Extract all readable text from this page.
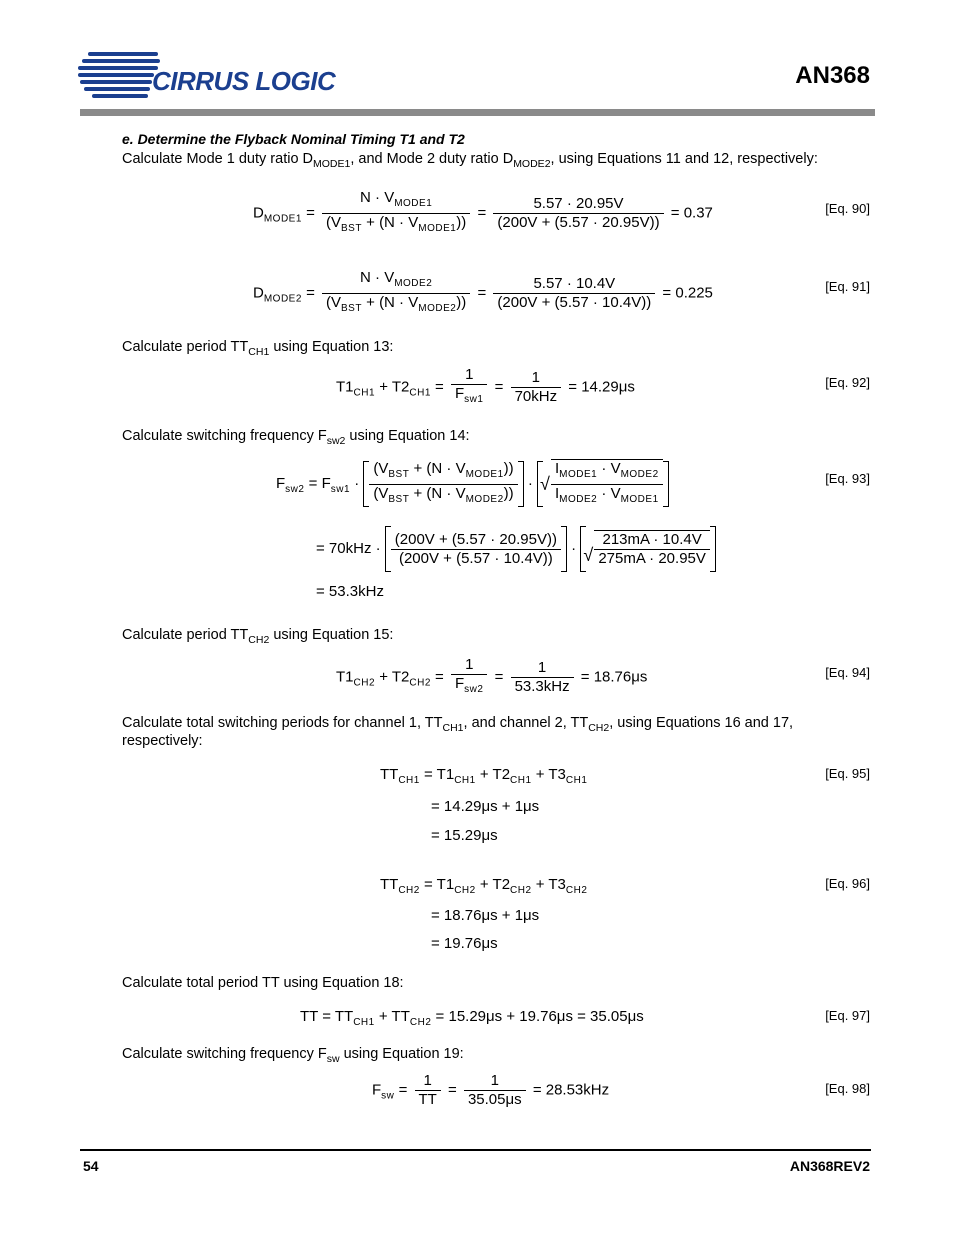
CIRRUS LOGIC	AN368
e. Determine the Flyback Nominal Timing T1 and T2
Calculate Mode 1 duty ratio $D_{MODE1}$, and Mode 2 duty ratio $D_{MODE2}$, using Equations 11 and 12, respectively:
$D_{MODE1} = \frac{N \cdot V_{MODE1}}{(V_{BST} + (N \cdot V_{MODE1}))} = \frac{5.57 \cdot 20.95V}{(200V + (5.57 \cdot 20.95V))} = 0.37$	[Eq. 90]
$D_{MODE2} = \frac{N \cdot V_{MODE2}}{(V_{BST} + (N \cdot V_{MODE2}))} = \frac{5.57 \cdot 10.4V}{(200V + (5.57 \cdot 10.4V))} = 0.225$	[Eq. 91]
Calculate period $TT_{CH1}$ using Equation 13:
$T1_{CH1} + T2_{CH1} = \frac{1}{F_{sw1}} = \frac{1}{\text{70kHz}} = 14.29\mu s$	[Eq. 92]
Calculate switching frequency $F_{sw2}$ using Equation 14:
$F_{sw2} = F_{sw1} \cdot \frac{(V_{BST} + (N \cdot V_{MODE1}))}{(V_{BST} + (N \cdot V_{MODE2}))}$ · √ $\frac{I_{MODE1} \cdot V_{MODE2}}{I_{MODE2} \cdot V_{MODE1}}$	[Eq. 93]
= $70kHz \cdot \frac{(200V + (5.57 \cdot 20.95V))}{(200V + (5.57 \cdot 10.4V))}$ · √ $\frac{213mA \cdot 10.4V}{275mA \cdot 20.95V}$
= 53.3kHz
Calculate period $TT_{CH2}$ using Equation 15:
$T1_{CH2} + T2_{CH2} = \frac{1}{F_{sw2}} = \frac{1}{\text{53.3kHz}} = 18.76\mu s$	[Eq. 94]
Calculate total switching periods for channel 1, $TT_{CH1}$, and channel 2, $TT_{CH2}$, using Equations 16 and 17,
respectively:
$TT_{CH1} = T1_{CH1} + T2_{CH1} + T3_{CH1}$	[Eq. 95]
= 14.29μs + 1μs
= 15.29μs
$TT_{CH2} = T1_{CH2} + T2_{CH2} + T3_{CH2}$	[Eq. 96]
= 18.76μs + 1μs
= 19.76μs
Calculate total period TT using Equation 18:
TT = $TT_{CH1} + TT_{CH2} = 15.29\mu s + 19.76\mu s = 35.05\mu s$	[Eq. 97]
Calculate switching frequency $F_{sw}$ using Equation 19:
$F_{sw} = \frac{1}{TT} = \frac{1}{35.05\mu s} = 28.53kHz$	[Eq. 98]
54	AN368REV2
